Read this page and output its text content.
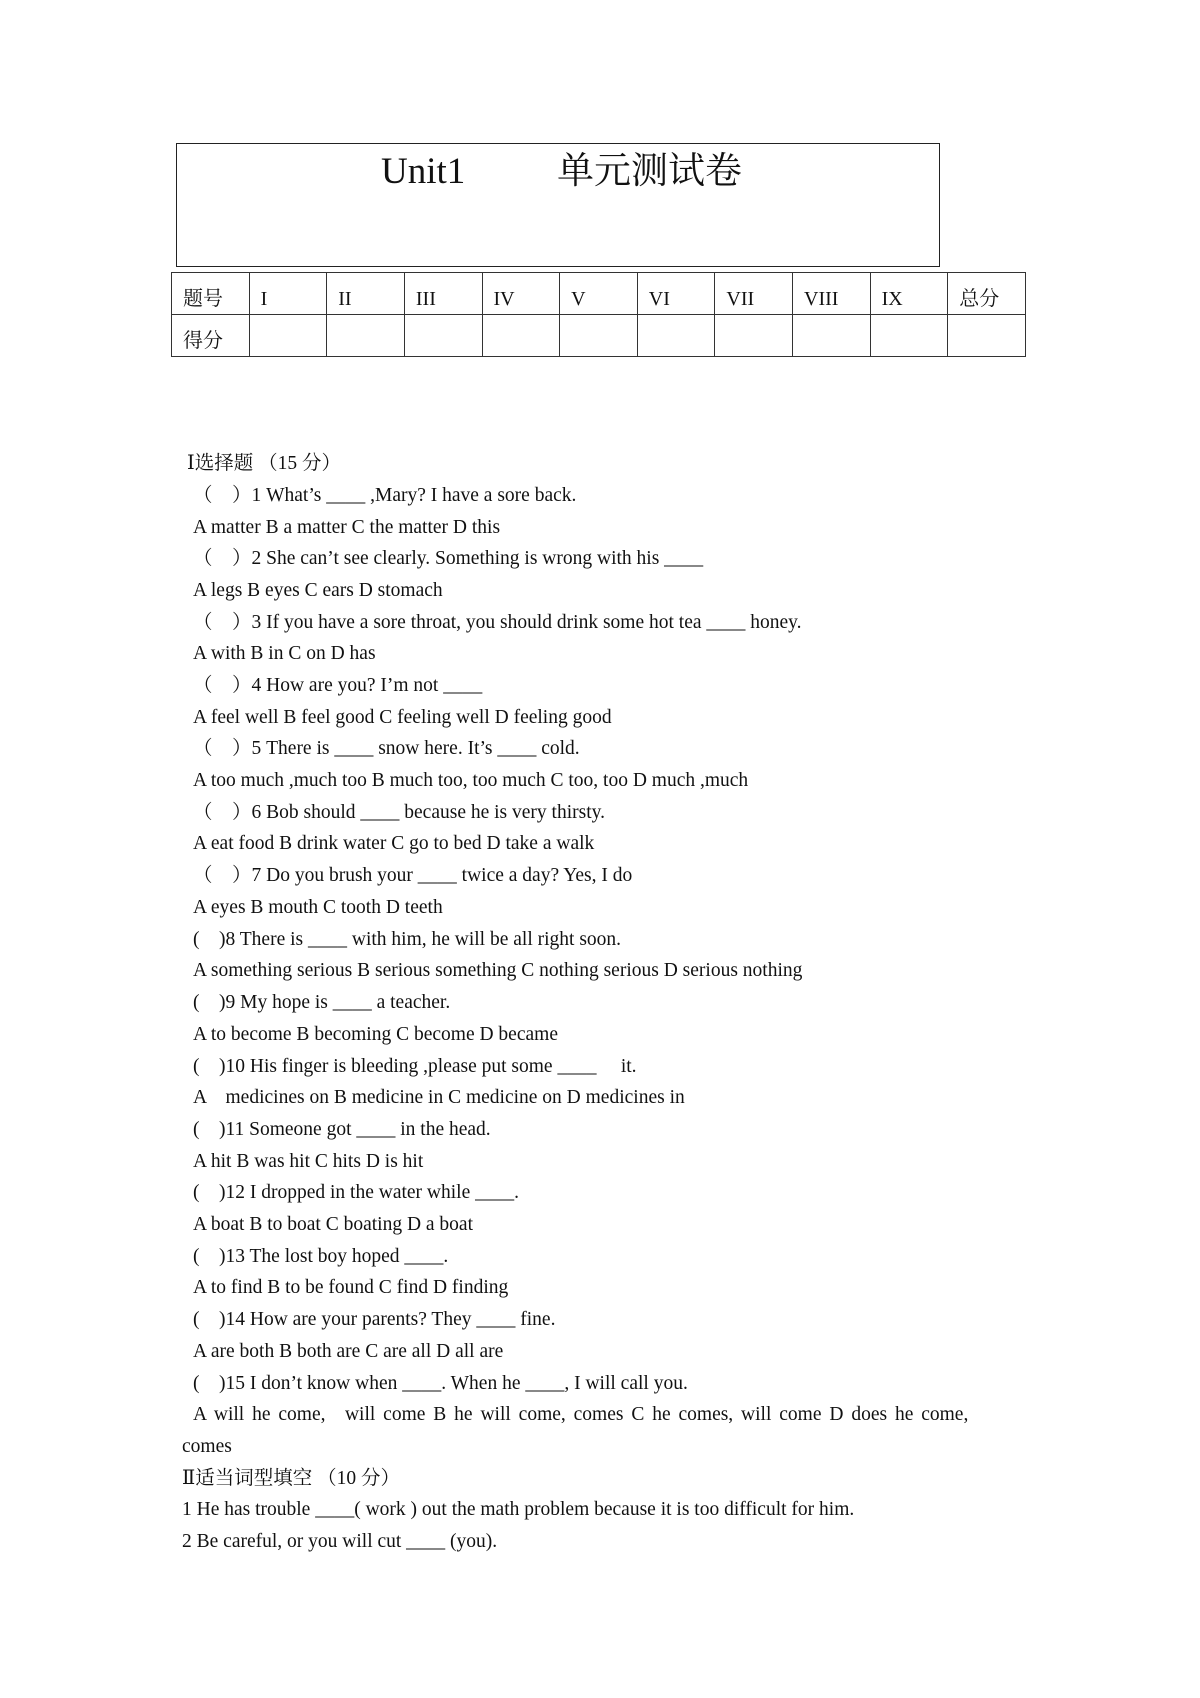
Unit1 单元测试卷
题号	I	II	III	IV	V	VI	VII	VIII	IX	总分
得分										
Ⅰ选择题 （15 分）
（　）1 What’s ____ ,Mary? I have a sore back.
A matter B a matter C the matter D this
（　）2 She can’t see clearly. Something is wrong with his ____
A legs B eyes C ears D stomach
（　）3 If you have a sore throat, you should drink some hot tea ____ honey.
A with B in C on D has
（　）4 How are you? I’m not ____
A feel well B feel good C feeling well D feeling good
（　）5 There is ____ snow here. It’s ____ cold.
A too much ,much too B much too, too much C too, too D much ,much
（　）6 Bob should ____ because he is very thirsty.
A eat food B drink water C go to bed D take a walk
（　）7 Do you brush your ____ twice a day? Yes, I do
A eyes B mouth C tooth D teeth
(　)8 There is ____ with him, he will be all right soon.
A something serious B serious something C nothing serious D serious nothing
(　)9 My hope is ____ a teacher.
A to become B becoming C become D became
(　)10 His finger is bleeding ,please put some ____　 it.
A　medicines on B medicine in C medicine on D medicines in
(　)11 Someone got ____ in the head.
A hit B was hit C hits D is hit
(　)12 I dropped in the water while ____.
A boat B to boat C boating D a boat
(　)13 The lost boy hoped ____.
A to find B to be found C find D finding
(　)14 How are your parents? They ____ fine.
A are both B both are C are all D all are
(　)15 I don’t know when ____. When he ____, I will call you.
A will he come,　will come B he will come, comes C he comes, will come D does he come,
comes
Ⅱ适当词型填空 （10 分）
1 He has trouble ____( work ) out the math problem because it is too difficult for him.
2 Be careful, or you will cut ____ (you).
